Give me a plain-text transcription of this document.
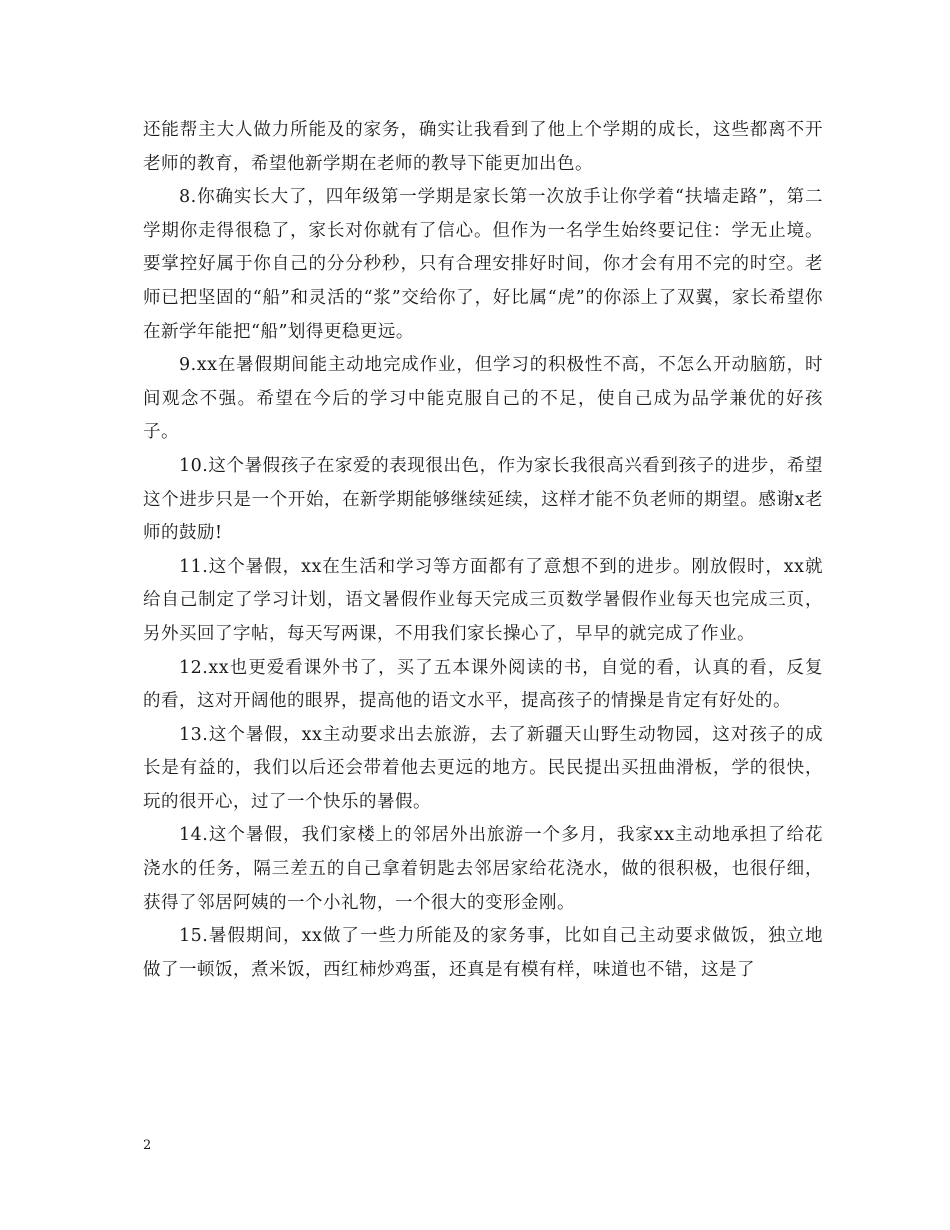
还能帮主大人做力所能及的家务，确实让我看到了他上个学期的成长，这些都离不开老师的教育，希望他新学期在老师的教导下能更加出色。

8.你确实长大了，四年级第一学期是家长第一次放手让你学着“扶墙走路”，第二学期你走得很稳了，家长对你就有了信心。但作为一名学生始终要记住：学无止境。要掌控好属于你自己的分分秒秒，只有合理安排好时间，你才会有用不完的时空。老师已把坚固的“船”和灵活的“浆”交给你了，好比属“虎”的你添上了双翼，家长希望你在新学年能把“船”划得更稳更远。

9.xx在暑假期间能主动地完成作业，但学习的积极性不高，不怎么开动脑筋，时间观念不强。希望在今后的学习中能克服自己的不足，使自己成为品学兼优的好孩子。

10.这个暑假孩子在家爱的表现很出色，作为家长我很高兴看到孩子的进步，希望这个进步只是一个开始，在新学期能够继续延续，这样才能不负老师的期望。感谢x老师的鼓励!

11.这个暑假，xx在生活和学习等方面都有了意想不到的进步。刚放假时，xx就给自己制定了学习计划，语文暑假作业每天完成三页数学暑假作业每天也完成三页，另外买回了字帖，每天写两课，不用我们家长操心了，早早的就完成了作业。

12.xx也更爱看课外书了，买了五本课外阅读的书，自觉的看，认真的看，反复的看，这对开阔他的眼界，提高他的语文水平，提高孩子的情操是肯定有好处的。

13.这个暑假，xx主动要求出去旅游，去了新疆天山野生动物园，这对孩子的成长是有益的，我们以后还会带着他去更远的地方。民民提出买扭曲滑板，学的很快，玩的很开心，过了一个快乐的暑假。

14.这个暑假，我们家楼上的邻居外出旅游一个多月，我家xx主动地承担了给花浇水的任务，隔三差五的自己拿着钥匙去邻居家给花浇水，做的很积极，也很仔细，获得了邻居阿姨的一个小礼物，一个很大的变形金刚。

15.暑假期间，xx做了一些力所能及的家务事，比如自己主动要求做饭，独立地做了一顿饭，煮米饭，西红柿炒鸡蛋，还真是有模有样，味道也不错，这是了

2
